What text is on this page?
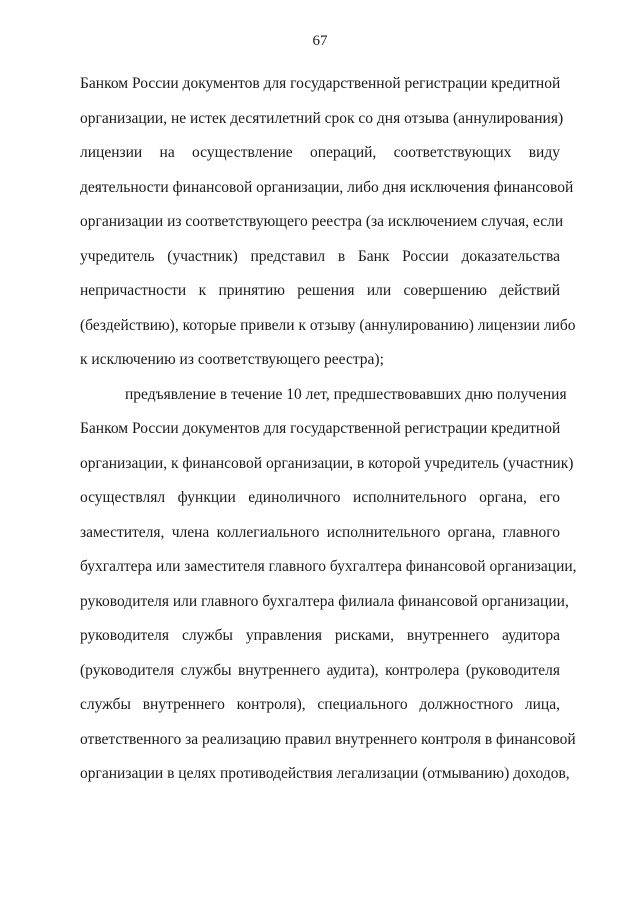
67
Банком России документов для государственной регистрации кредитной
организации, не истек десятилетний срок со дня отзыва (аннулирования)
лицензии на осуществление операций, соответствующих виду
деятельности финансовой организации, либо дня исключения финансовой
организации из соответствующего реестра (за исключением случая, если
учредитель (участник) представил в Банк России доказательства
непричастности к принятию решения или совершению действий
(бездействию), которые привели к отзыву (аннулированию) лицензии либо
к исключению из соответствующего реестра);
предъявление в течение 10 лет, предшествовавших дню получения
Банком России документов для государственной регистрации кредитной
организации, к финансовой организации, в которой учредитель (участник)
осуществлял функции единоличного исполнительного органа, его
заместителя, члена коллегиального исполнительного органа, главного
бухгалтера или заместителя главного бухгалтера финансовой организации,
руководителя или главного бухгалтера филиала финансовой организации,
руководителя службы управления рисками, внутреннего аудитора
(руководителя службы внутреннего аудита), контролера (руководителя
службы внутреннего контроля), специального должностного лица,
ответственного за реализацию правил внутреннего контроля в финансовой
организации в целях противодействия легализации (отмыванию) доходов,
